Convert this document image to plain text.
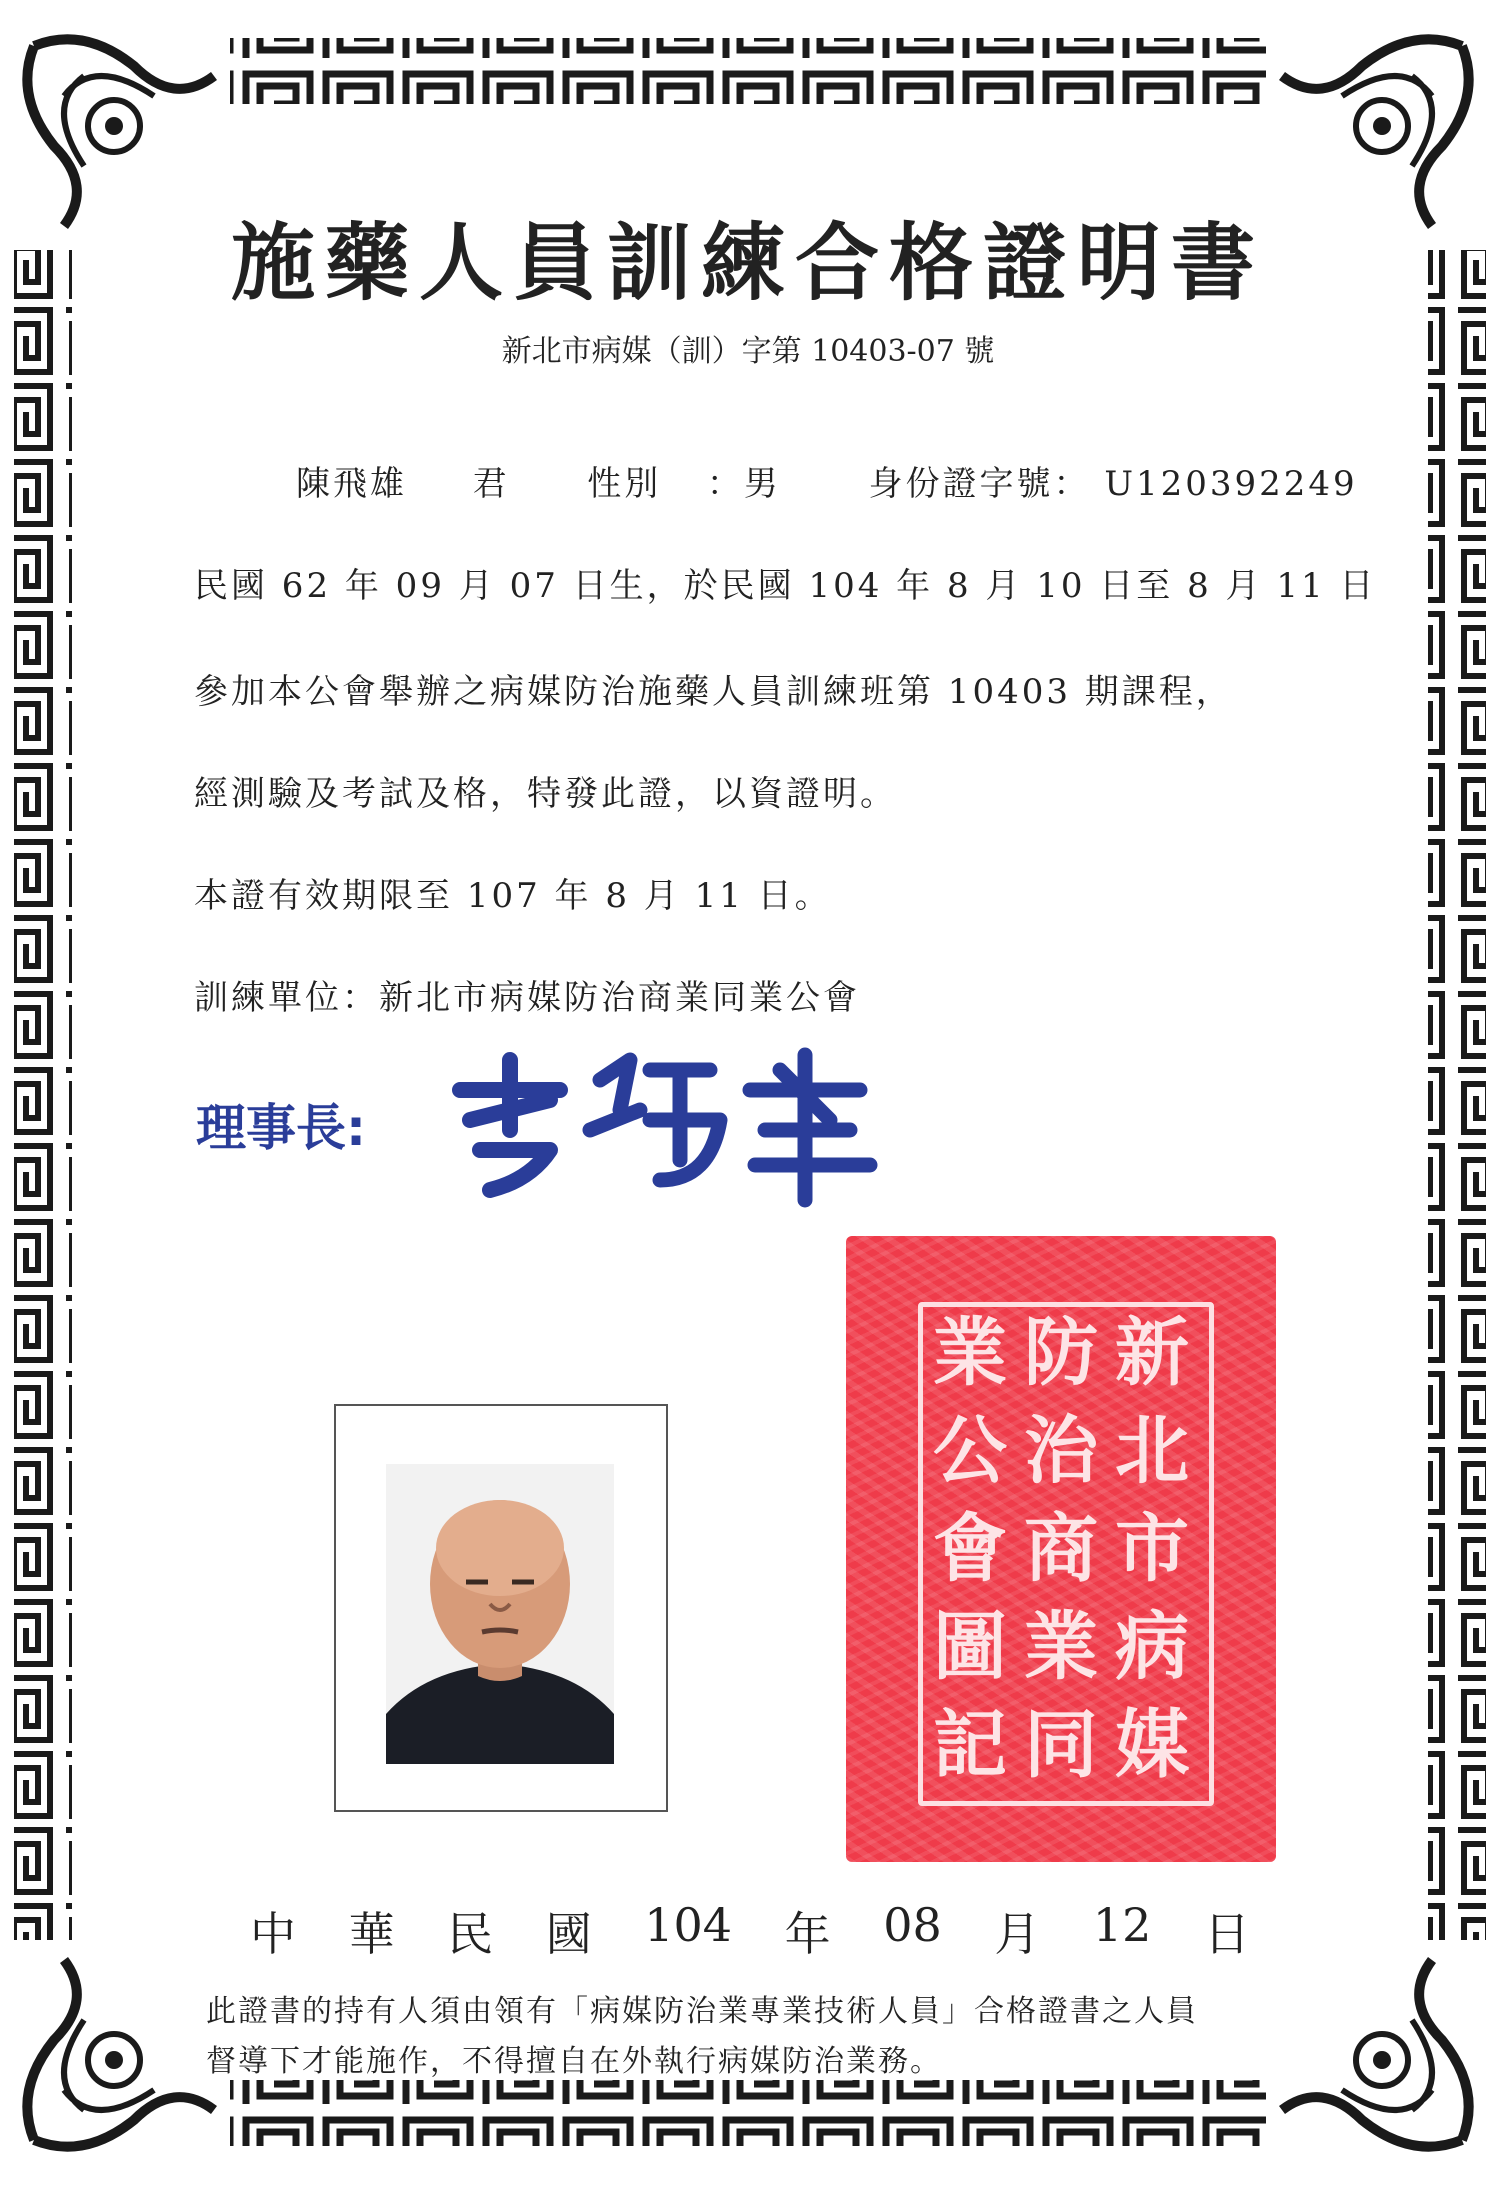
施藥人員訓練合格證明書
新北市病媒（訓）字第 10403-07 號
陳飛雄 君 性別 ：男	身份證字號： U120392249
民國 62 年 09 月 07 日生，於民國 104 年 8 月 10 日至 8 月 11 日
參加本公會舉辦之病媒防治施藥人員訓練班第 10403 期課程，
經測驗及考試及格，特發此證，以資證明。
本證有效期限至 107 年 8 月 11 日。
訓練單位：新北市病媒防治商業同業公會
理事長:
新
北
市
病
媒
防
治
商
業
同
業
公
會
圖
記
中 華 民 國 104 年 08 月 12 日
此證書的持有人須由領有「病媒防治業專業技術人員」合格證書之人員
督導下才能施作，不得擅自在外執行病媒防治業務。
